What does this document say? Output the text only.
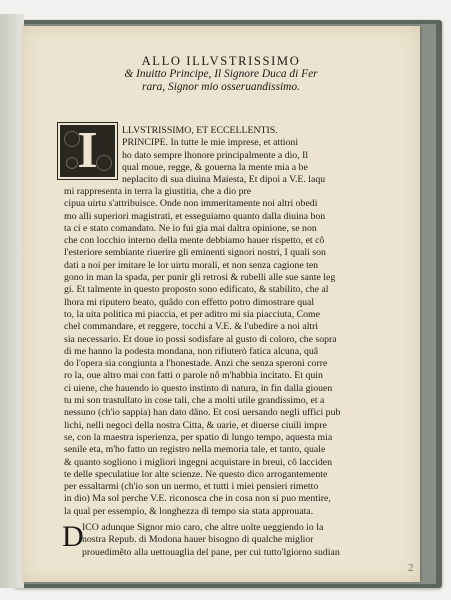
ALLO ILLVSTRISSIMO
& Inuitto Principe, Il Signore Duca di Fer
rara, Signor mio osseruandissimo.
I	LLVSTRISSIMO, ET ECCELLENTIS.
PRINCIPE. In tutte le mie imprese, et attioni
ho dato sempre lhonore principalmente a dio, Il
qual moue, regge, & gouerna la mente mia a be
neplacito di sua diuina Maiesta, Et dipoi a V.E. laqu
mi rappresenta in terra la giustitia, che a dio pre
cipua uirtu s'attribuisce. Onde non immeritamente noi altri obedi
mo alli superiori magistrati, et esseguiamo quanto dalla diuina bon
ta ci e stato comandato. Ne io fui gia mai daltra opinione, se non
che con locchio interno della mente debbiamo hauer rispetto, et cô
l'esteriore sembiante riuerire gli eminenti signori nostri, I quali son
dati a noi per imitare le lor uirtu morali, et non senza cagione ten
gono in man la spada, per punir gli retrosi & rubelli alle sue sante leg
gi. Et talmente in questo proposto sono edificato, & stabilito, che al
lhora mi riputero beato, quâdo con effetto potro dimostrare qual
to, la uita politica mi piaccia, et per aditro mi sia piacciuta, Come
chel commandare, et reggere, tocchi a V.E. & l'ubedire a noi altri
sia necessario. Et doue io possi sodisfare al gusto di coloro, che sopra
di me hanno la podesta mondana, non rifiuterò fatica alcuna, quâ
do l'opera sia congiunta a l'honestade. Anzi che senza speroni corre
ro la, oue altro mai con fatti o parole nô m'habbia incitato. Et quin
ci uiene, che hauendo io questo instinto di natura, in fin dalla giouen
tu mi son trastullato in cose tali, che a molti utile grandissimo, et a
nessuno (ch'io sappia) han dato dâno. Et cosi uersando negli uffici pub
lichi, nelli negoci della nostra Citta, & uarie, et diuerse ciuili impre
se, con la maestra isperienza, per spatio di lungo tempo, aquesta mia
senile eta, m'ho fatto un registro nella memoria tale, et tanto, quale
& quanto sogliono i migliori ingegni acquistare in breui, cô lacciden
te delle speculatiue lor alte scienze. Ne questo dico arrogantemente
per essaltarmi (ch'io son un uermo, et tutti i miei pensieri rimetto
in dio) Ma sol perche V.E. riconosca che in cosa non si puo mentire,
la qual per essempio, & longhezza di tempo sia stata approuata.
D
ICO adunque Signor mio caro, che altre uolte ueggiendo io la
nostra Repub. di Modona hauer bisogno di qualche miglior
prouedimêto alla uettouaglia del pane, per cui tutto'lgiorno sudian
2
